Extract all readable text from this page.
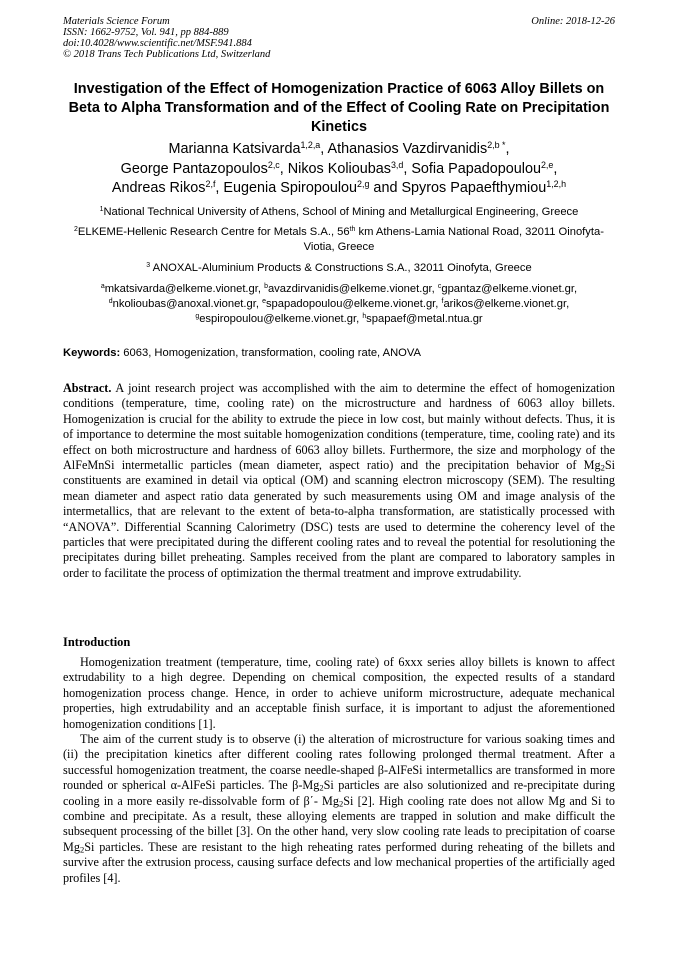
Materials Science Forum
ISSN: 1662-9752, Vol. 941, pp 884-889
doi:10.4028/www.scientific.net/MSF.941.884
© 2018 Trans Tech Publications Ltd, Switzerland
Online: 2018-12-26
Investigation of the Effect of Homogenization Practice of 6063 Alloy Billets on Beta to Alpha Transformation and of the Effect of Cooling Rate on Precipitation Kinetics
Marianna Katsivarda$^{1,2,a}$, Athanasios Vazdirvanidis$^{2,b *}$,
George Pantazopoulos$^{2,c}$, Nikos Kolioubas$^{3,d}$, Sofia Papadopoulou$^{2,e}$,
Andreas Rikos$^{2,f}$, Eugenia Spiropoulou$^{2,g}$ and Spyros Papaefthymiou$^{1,2,h}$
$^1$National Technical University of Athens, School of Mining and Metallurgical Engineering, Greece
$^2$ELKEME-Hellenic Research Centre for Metals S.A., 56th km Athens-Lamia National Road, 32011 Oinofyta-Viotia, Greece
$^3$ ANOXAL-Aluminium Products & Constructions S.A., 32011 Oinofyta, Greece
$^a$mkatsivarda@elkeme.vionet.gr, $^b$avazdirvanidis@elkeme.vionet.gr, $^c$gpantaz@elkeme.vionet.gr,
$^d$nkolioubas@anoxal.vionet.gr, $^e$spapadopoulou@elkeme.vionet.gr, $^f$arikos@elkeme.vionet.gr,
$^g$espiropoulou@elkeme.vionet.gr, $^h$spapaef@metal.ntua.gr
Keywords: 6063, Homogenization, transformation, cooling rate, ANOVA

Abstract. A joint research project was accomplished with the aim to determine the effect of homogenization conditions (temperature, time, cooling rate) on the microstructure and hardness of 6063 alloy billets. Homogenization is crucial for the ability to extrude the piece in low cost, but mainly without defects. Thus, it is of importance to determine the most suitable homogenization conditions (temperature, time, cooling rate) and its effect on both microstructure and hardness of 6063 alloy billets. Furthermore, the size and morphology of the AlFeMnSi intermetallic particles (mean diameter, aspect ratio) and the precipitation behavior of $Mg_2Si$ constituents are examined in detail via optical (OM) and scanning electron microscopy (SEM). The resulting mean diameter and aspect ratio data generated by such measurements using OM and image analysis of the intermetallics, that are relevant to the extent of beta-to-alpha transformation, are statistically processed with “ANOVA”. Differential Scanning Calorimetry (DSC) tests are used to determine the coherency level of the particles that were precipitated during the different cooling rates and to reveal the potential for resolutioning the precipitates during billet preheating. Samples received from the plant are compared to laboratory samples in order to facilitate the process of optimization the thermal treatment and improve extrudability.

Introduction

Homogenization treatment (temperature, time, cooling rate) of 6xxx series alloy billets is known to affect extrudability to a high degree. Depending on chemical composition, the expected results of a standard homogenization process change. Hence, in order to achieve uniform microstructure, adequate mechanical properties, high extrudability and an acceptable finish surface, it is important to adjust the aforementioned homogenization conditions [1].

The aim of the current study is to observe (i) the alteration of microstructure for various soaking times and (ii) the precipitation kinetics after different cooling rates following prolonged thermal treatment. After a successful homogenization treatment, the coarse needle-shaped β-AlFeSi intermetallics are transformed in more rounded or spherical α-AlFeSi particles. The $\beta-Mg_2Si$ particles are also solutionized and re-precipitate during cooling in a more easily re-dissolvable form of β΄- $Mg_2Si$ [2]. High cooling rate does not allow Mg and Si to combine and precipitate. As a result, these alloying elements are trapped in solution and make difficult the subsequent processing of the billet [3]. On the other hand, very slow cooling rate leads to precipitation of coarse $Mg_2Si$ particles. These are resistant to the high reheating rates performed during reheating of the billets and survive after the extrusion process, causing surface defects and low mechanical properties of the artificially aged profiles [4].
